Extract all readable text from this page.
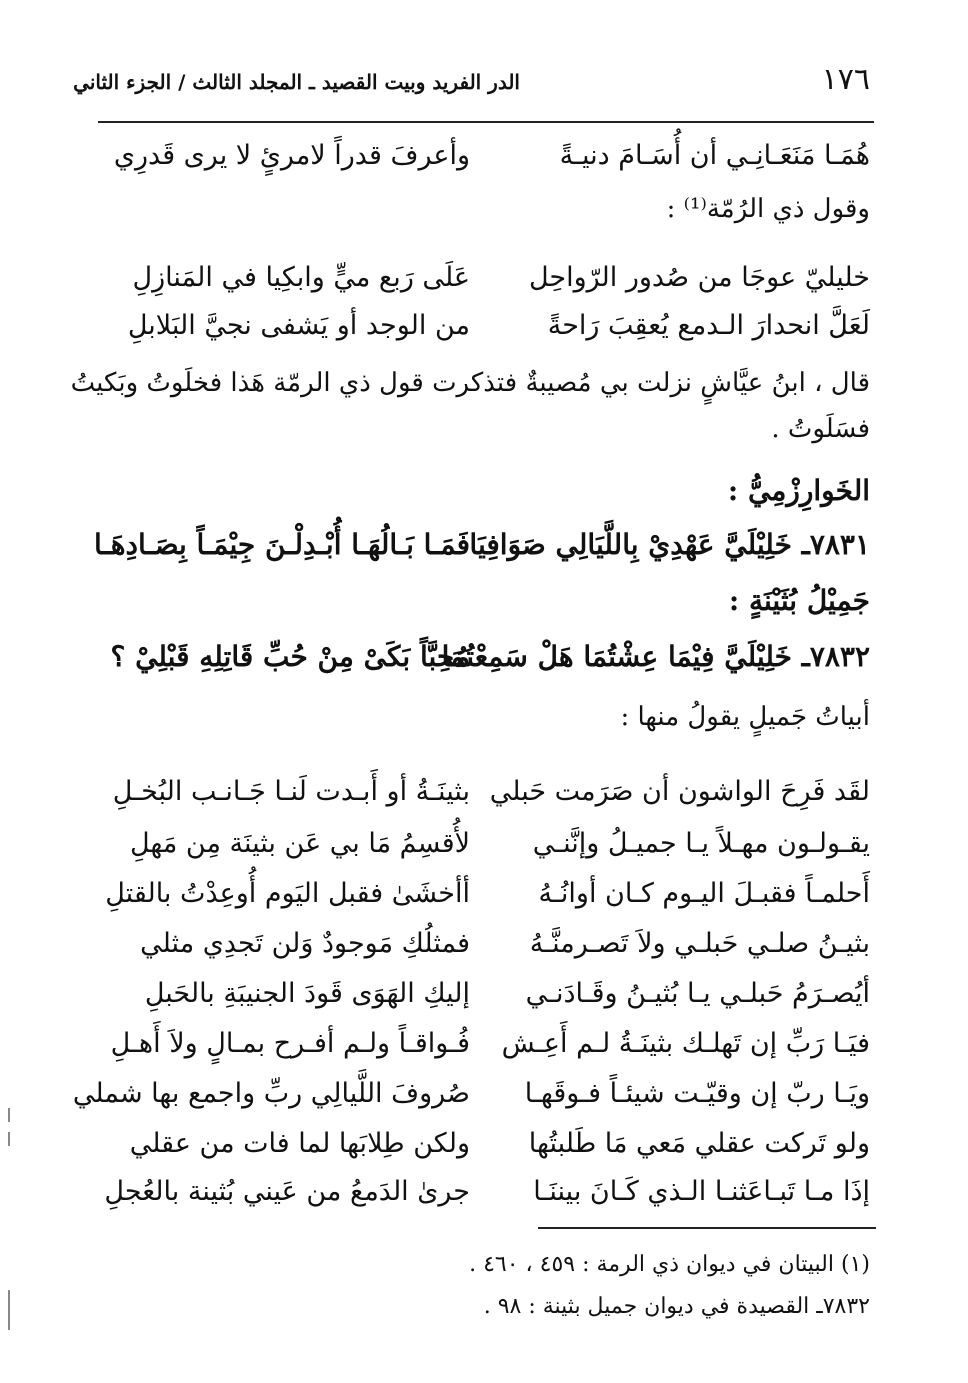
١٧٦
الدر الفريد وبيت القصيد ـ المجلد الثالث / الجزء الثاني
هُمَـا مَنَعَـانِـي أن أُسَـامَ دنيـةً
وأعرفَ قدراً لامرئٍ لا يرى قَدرِي
وقول ذي الرُمّة⁽¹⁾ :
خليليّ عوجَا من صُدور الرّواحِل
عَلَى رَبع ميٍّ وابكِيا في المَنازِلِ
لَعَلَّ انحدارَ الـدمع يُعقِبَ رَاحةً
من الوجد أو يَشفى نجيَّ البَلابلِ
قال ، ابنُ عيَّاشٍ نزلت بي مُصيبةٌ فتذكرت قول ذي الرمّة هَذا فخلَوتُ وبَكيتُ
فسَلَوتُ .
الخَوارِزْمِيُّ :
٧٨٣١ـ خَلِيْلَيَّ عَهْدِيْ بِاللَّيَالِي صَوَافِيَا
فَمَـا بَـالُهَـا أُبْـدِلْـنَ جِيْمَـاً بِصَـادِهَـا
جَمِيْلُ بُثَيْنَةٍ :
٧٨٣٢ـ خَلِيْلَيَّ فِيْمَا عِشْتُمَا هَلْ سَمِعْتُمَا
مُحِبَّاً بَكَىْ مِنْ حُبِّ قَاتِلِهِ قَبْلِيْ ؟
أبياتُ جَميلٍ يقولُ منها :
لقَد فَرِحَ الواشون أن صَرَمت حَبلي
بثينَـةُ أو أَبـدت لَنـا جَـانـب البُخـلِ
يقـولـون مهـلاً يـا جميـلُ وإنَّنـي
لأُقسِمُ مَا بي عَن بثينَة مِن مَهلِ
أَحلمـاً فقبـلَ اليـوم كـان أوانُـهُ
أأخشَىٰ فقبل اليَوم أُوعِدْتُ بالقتلِ
بثيـنُ صلـي حَبلـي ولاَ تَصـرمنَّـهُ
فمثلُكِ مَوجودٌ وَلن تَجدِي مثلي
أيُصـرَمُ حَبلـي يـا بُثيـنُ وقَـادَنـي
إليكِ الهَوَى قَودَ الجنيبَةِ بالحَبلِ
فيَـا رَبِّ إن تَهلـك بثينَـةُ لـم أَعِـش
فُـواقـاً ولـم أفـرح بمـالٍ ولاَ أَهـلِ
ويَـا ربّ إن وقيّـت شيئـاً فـوقَهـا
صُروفَ اللَّيالِي ربِّ واجمع بها شملي
ولو تَركت عقلي مَعي مَا طَلبتُها
ولكن طِلابَها لما فات من عقلي
إذَا مـا تَبـاعَثنـا الـذي كَـانَ بيننَـا
جرىٰ الدَمعُ من عَيني بُثينة بالعُجلِ
(١) البيتان في ديوان ذي الرمة : ٤٥٩ ، ٤٦٠ .
٧٨٣٢ـ القصيدة في ديوان جميل بثينة : ٩٨ .
